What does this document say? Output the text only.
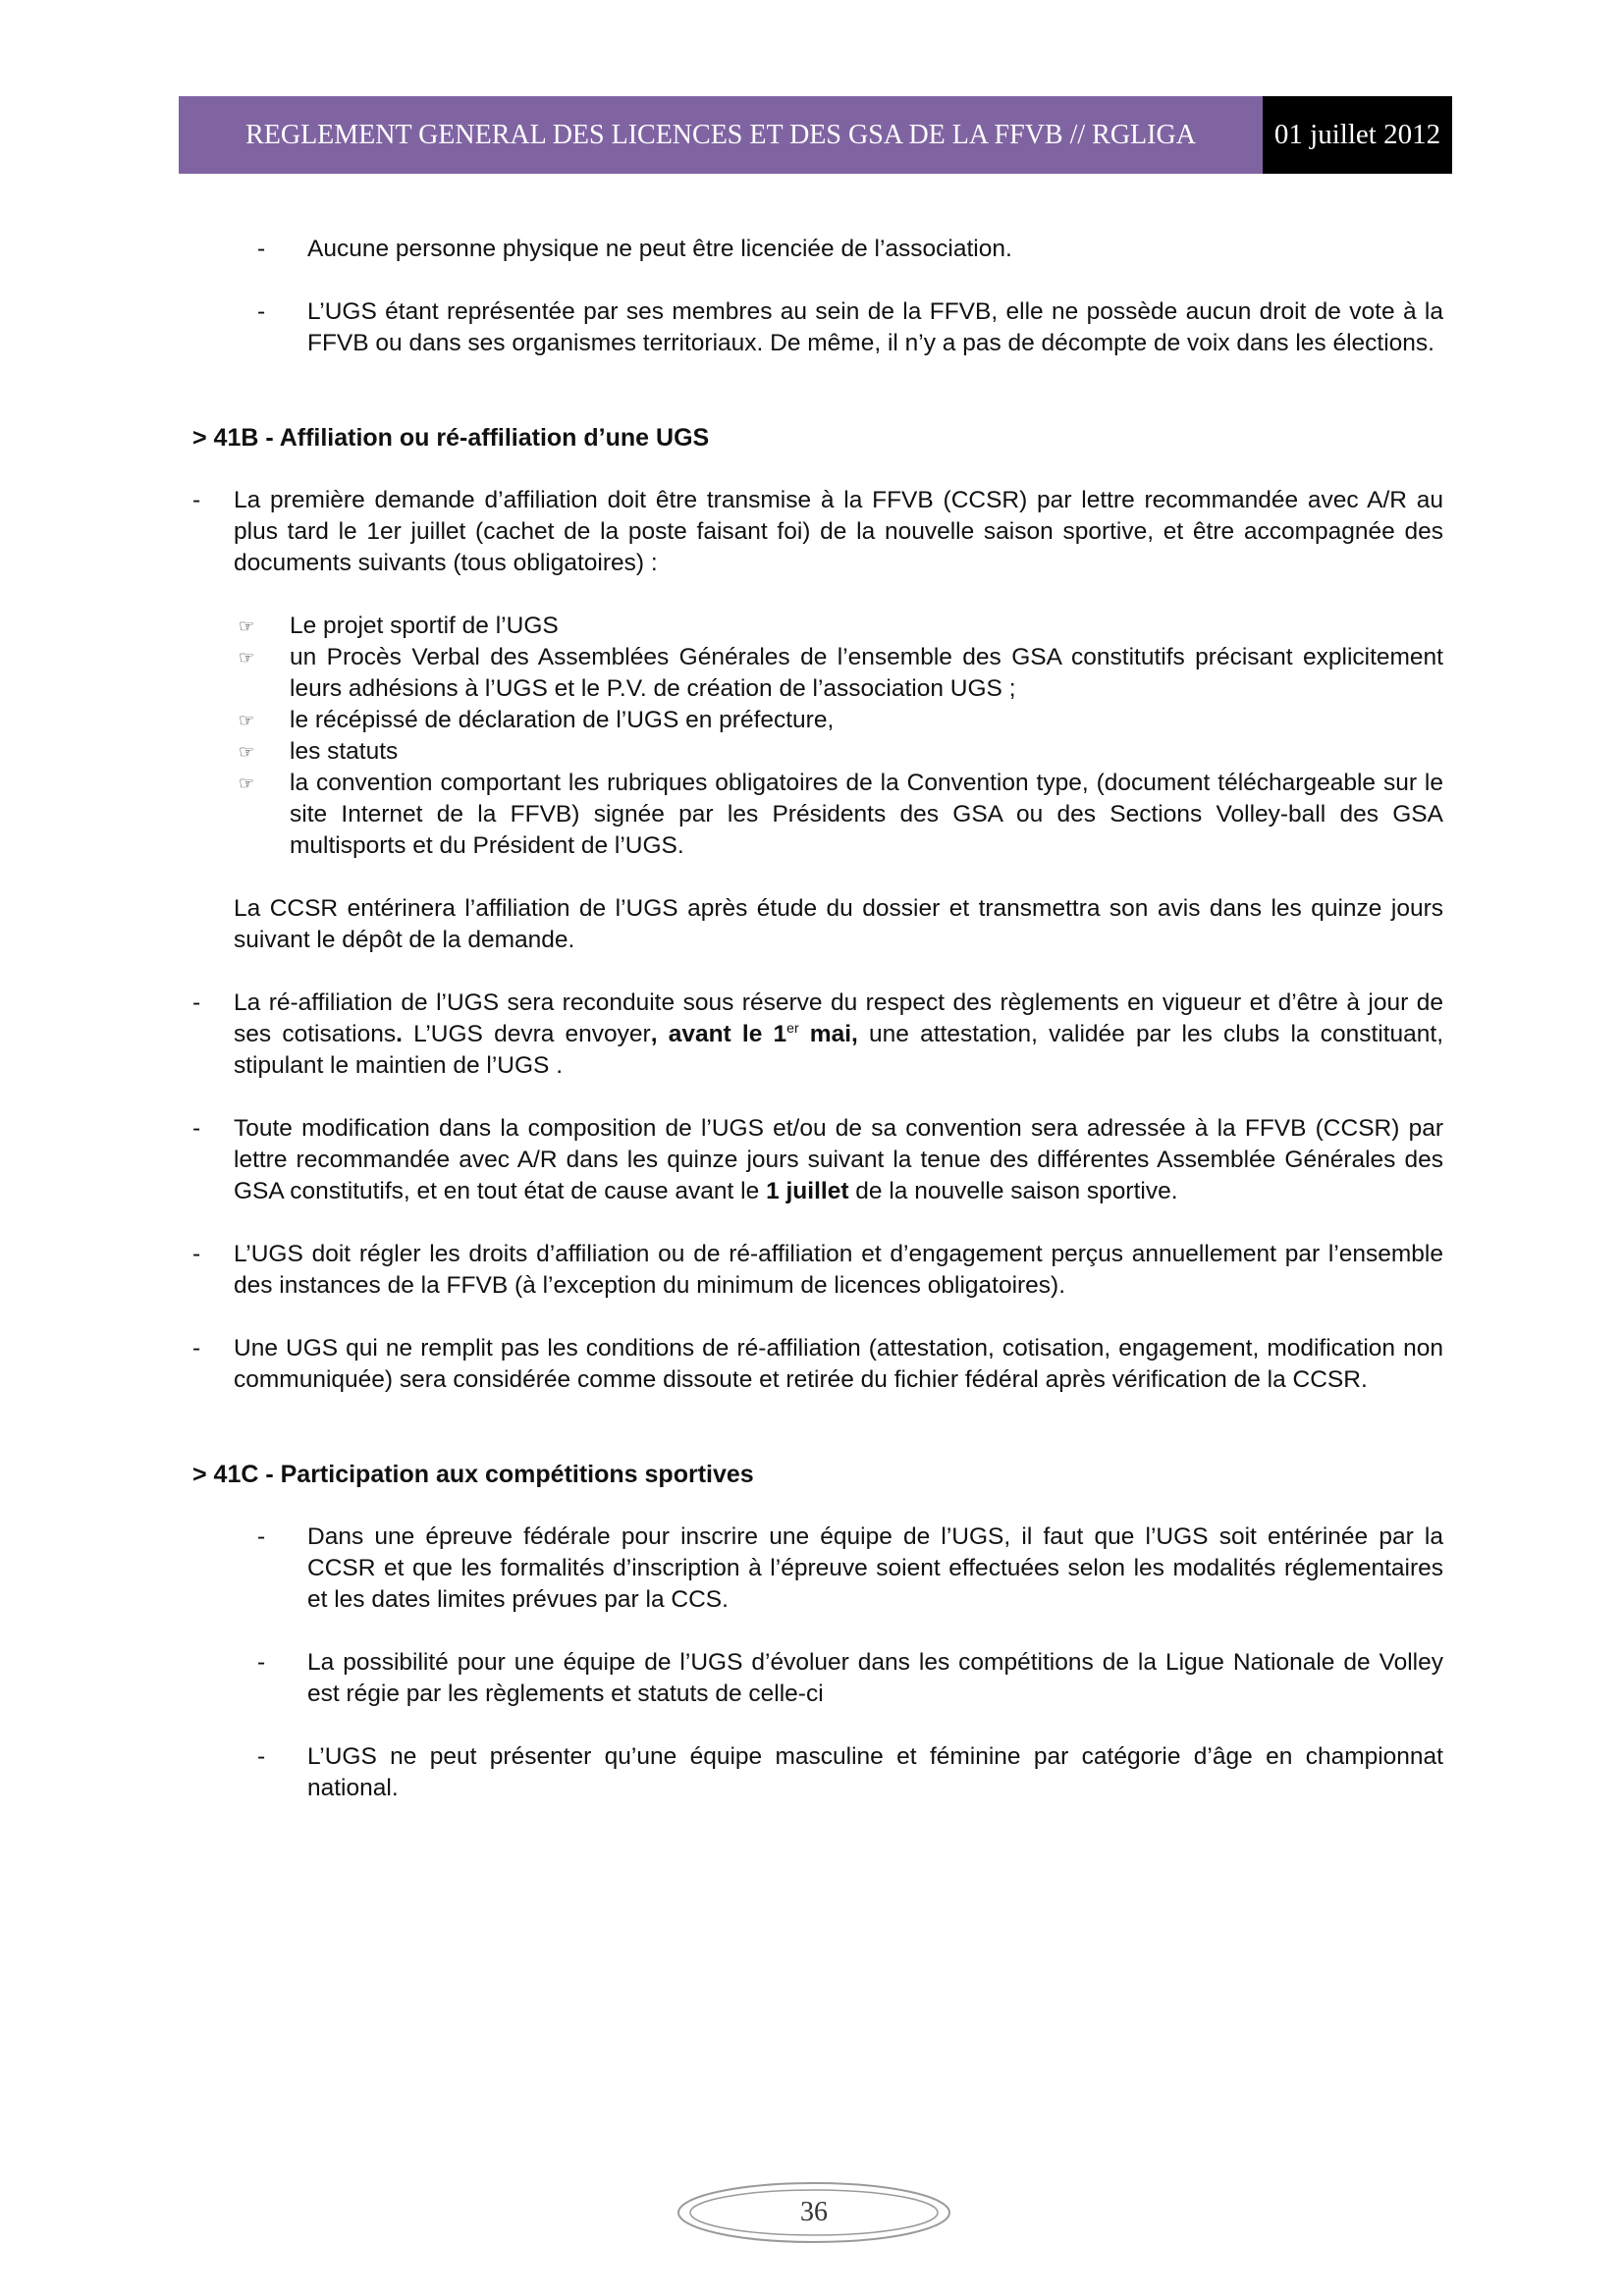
REGLEMENT GENERAL DES LICENCES ET DES GSA DE LA FFVB // RGLIGA	01 juillet 2012
-	Aucune personne physique ne peut être licenciée de l’association.
-	L’UGS étant représentée par ses membres au sein de la FFVB, elle ne possède aucun droit de vote à la FFVB ou dans ses organismes territoriaux. De même, il n’y a pas de décompte de voix dans les élections.
> 41B - Affiliation ou ré-affiliation d’une UGS
-	La première demande d’affiliation doit être transmise à la FFVB (CCSR) par lettre recommandée avec A/R au plus tard le 1er juillet (cachet de la poste faisant foi) de la nouvelle saison sportive, et être accompagnée des documents suivants (tous obligatoires) :
☞	Le projet sportif de l’UGS
☞	un Procès Verbal des Assemblées Générales de l’ensemble des GSA constitutifs précisant explicitement leurs adhésions à l’UGS et le P.V. de création de l’association UGS ;
☞	le récépissé de déclaration de l’UGS en préfecture,
☞	les statuts
☞	la convention comportant les rubriques obligatoires de la Convention type, (document téléchargeable sur le site Internet de la FFVB) signée par les Présidents des GSA ou des Sections Volley-ball des GSA multisports et du Président de l’UGS.
La CCSR entérinera l’affiliation de l’UGS après étude du dossier et transmettra son avis dans les quinze jours suivant le dépôt de la demande.
-	La ré-affiliation de l’UGS sera reconduite sous réserve du respect des règlements en vigueur et d’être à jour de ses cotisations. L’UGS devra envoyer, avant le 1er mai, une attestation, validée par les clubs la constituant, stipulant le maintien de l’UGS .
-	Toute modification dans la composition de l’UGS et/ou de sa convention sera adressée à la FFVB (CCSR) par lettre recommandée avec A/R dans les quinze jours suivant la tenue des différentes Assemblée Générales des GSA constitutifs, et en tout état de cause avant le 1 juillet de la nouvelle saison sportive.
-	L’UGS doit régler les droits d’affiliation ou de ré-affiliation et d’engagement perçus annuellement par l’ensemble des instances de la FFVB (à l’exception du minimum de licences obligatoires).
-	Une UGS qui ne remplit pas les conditions de ré-affiliation (attestation, cotisation, engagement, modification non communiquée) sera considérée comme dissoute et retirée du fichier fédéral après vérification de la CCSR.
> 41C - Participation aux compétitions sportives
-	Dans une épreuve fédérale pour inscrire une équipe de l’UGS, il faut que l’UGS soit entérinée par la CCSR et que les formalités d’inscription à l’épreuve soient effectuées selon les modalités réglementaires et les dates limites prévues par la CCS.
-	La possibilité pour une équipe de l’UGS d’évoluer dans les compétitions de la Ligue Nationale de Volley est régie par les règlements et statuts de celle-ci
-	L’UGS ne peut présenter qu’une équipe masculine et féminine par catégorie d’âge en championnat national.
36
